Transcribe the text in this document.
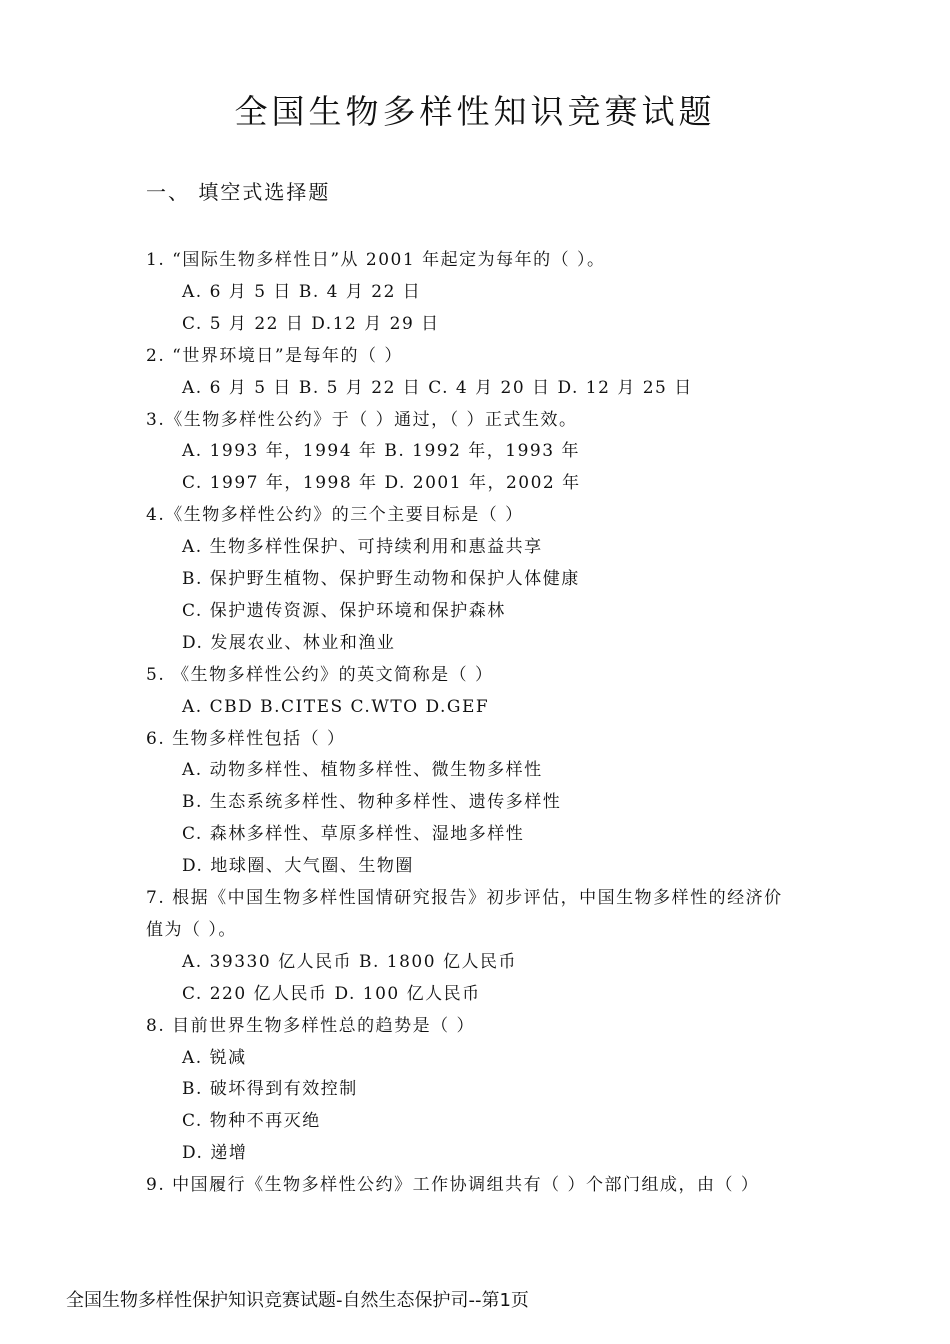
全国生物多样性知识竞赛试题
一、 填空式选择题
1. “国际生物多样性日”从 2001 年起定为每年的（ ）。
A. 6 月 5 日 B. 4 月 22 日
C. 5 月 22 日 D.12 月 29 日
2. “世界环境日”是每年的（ ）
A. 6 月 5 日 B. 5 月 22 日 C. 4 月 20 日 D. 12 月 25 日
3.《生物多样性公约》于（ ）通过，（ ）正式生效。
A. 1993 年，1994 年 B. 1992 年，1993 年
C. 1997 年，1998 年 D. 2001 年，2002 年
4.《生物多样性公约》的三个主要目标是（ ）
A. 生物多样性保护、可持续利用和惠益共享
B. 保护野生植物、保护野生动物和保护人体健康
C. 保护遗传资源、保护环境和保护森林
D. 发展农业、林业和渔业
5. 《生物多样性公约》的英文简称是（ ）
A. CBD B.CITES C.WTO D.GEF
6. 生物多样性包括（ ）
A. 动物多样性、植物多样性、微生物多样性
B. 生态系统多样性、物种多样性、遗传多样性
C. 森林多样性、草原多样性、湿地多样性
D. 地球圈、大气圈、生物圈
7. 根据《中国生物多样性国情研究报告》初步评估，中国生物多样性的经济价
值为（ ）。
A. 39330 亿人民币 B. 1800 亿人民币
C. 220 亿人民币 D. 100 亿人民币
8. 目前世界生物多样性总的趋势是（ ）
A. 锐减
B. 破坏得到有效控制
C. 物种不再灭绝
D. 递增
9. 中国履行《生物多样性公约》工作协调组共有（ ）个部门组成，由（ ）
全国生物多样性保护知识竞赛试题-自然生态保护司--第1页
